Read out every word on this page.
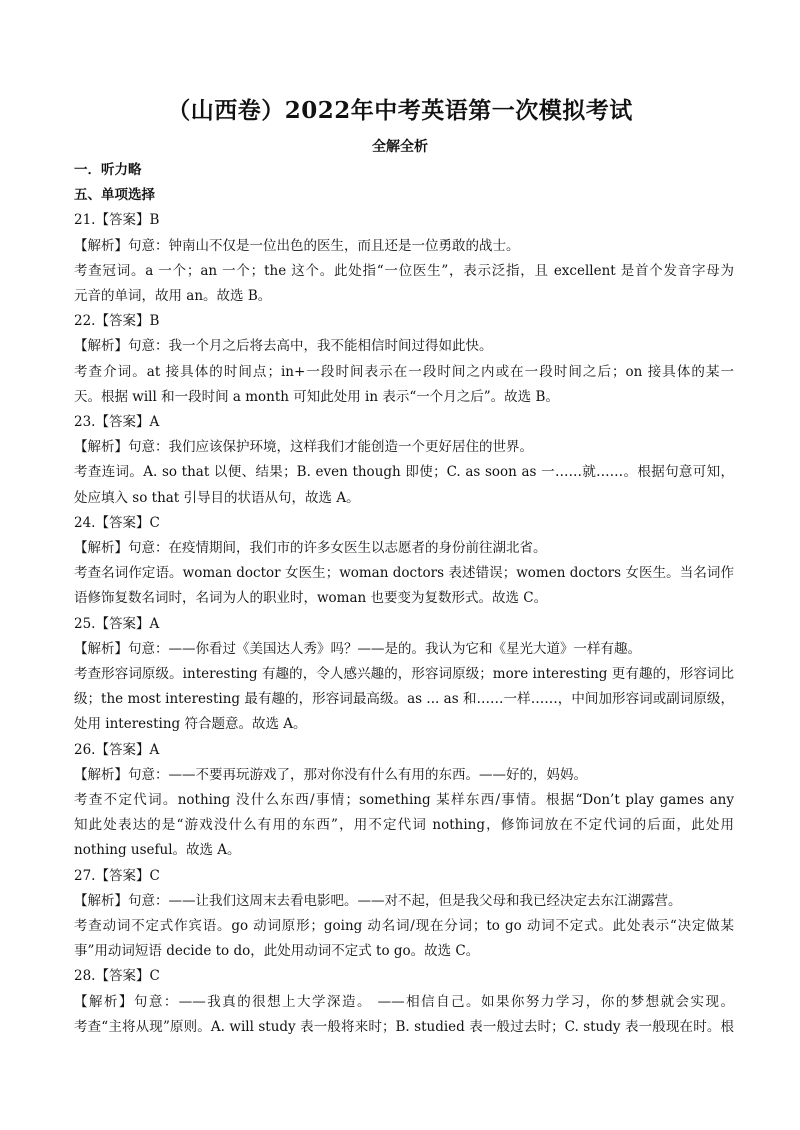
（山西卷）2022年中考英语第一次模拟考试
全解全析
一．听力略
五、单项选择
21.【答案】B
【解析】句意：钟南山不仅是一位出色的医生，而且还是一位勇敢的战士。
考查冠词。a 一个；an 一个；the 这个。此处指“一位医生”，表示泛指，且 excellent 是首个发音字母为
元音的单词，故用 an。故选 B。
22.【答案】B
【解析】句意：我一个月之后将去高中，我不能相信时间过得如此快。
考查介词。at 接具体的时间点；in+一段时间表示在一段时间之内或在一段时间之后；on 接具体的某一
天。根据 will 和一段时间 a month 可知此处用 in 表示“一个月之后”。故选 B。
23.【答案】A
【解析】句意：我们应该保护环境，这样我们才能创造一个更好居住的世界。
考查连词。A. so that 以便、结果；B. even though 即使；C. as soon as 一……就……。根据句意可知，
处应填入 so that 引导目的状语从句，故选 A。
24.【答案】C
【解析】句意：在疫情期间，我们市的许多女医生以志愿者的身份前往湖北省。
考查名词作定语。woman doctor 女医生；woman doctors 表述错误；women doctors 女医生。当名词作
语修饰复数名词时，名词为人的职业时，woman 也要变为复数形式。故选 C。
25.【答案】A
【解析】句意：——你看过《美国达人秀》吗？——是的。我认为它和《星光大道》一样有趣。
考查形容词原级。interesting 有趣的，令人感兴趣的，形容词原级；more interesting 更有趣的，形容词比
级；the most interesting 最有趣的，形容词最高级。as ... as 和……一样……，中间加形容词或副词原级，
处用 interesting 符合题意。故选 A。
26.【答案】A
【解析】句意：——不要再玩游戏了，那对你没有什么有用的东西。——好的，妈妈。
考查不定代词。nothing 没什么东西/事情；something 某样东西/事情。根据“Don’t play games any
知此处表达的是“游戏没什么有用的东西”，用不定代词 nothing，修饰词放在不定代词的后面，此处用
nothing useful。故选 A。
27.【答案】C
【解析】句意：——让我们这周末去看电影吧。——对不起，但是我父母和我已经决定去东江湖露营。
考查动词不定式作宾语。go 动词原形；going 动名词/现在分词；to go 动词不定式。此处表示“决定做某
事”用动词短语 decide to do，此处用动词不定式 to go。故选 C。
28.【答案】C
【解析】句意：——我真的很想上大学深造。 ——相信自己。如果你努力学习，你的梦想就会实现。
考查“主将从现”原则。A. will study 表一般将来时；B. studied 表一般过去时；C. study 表一般现在时。根
